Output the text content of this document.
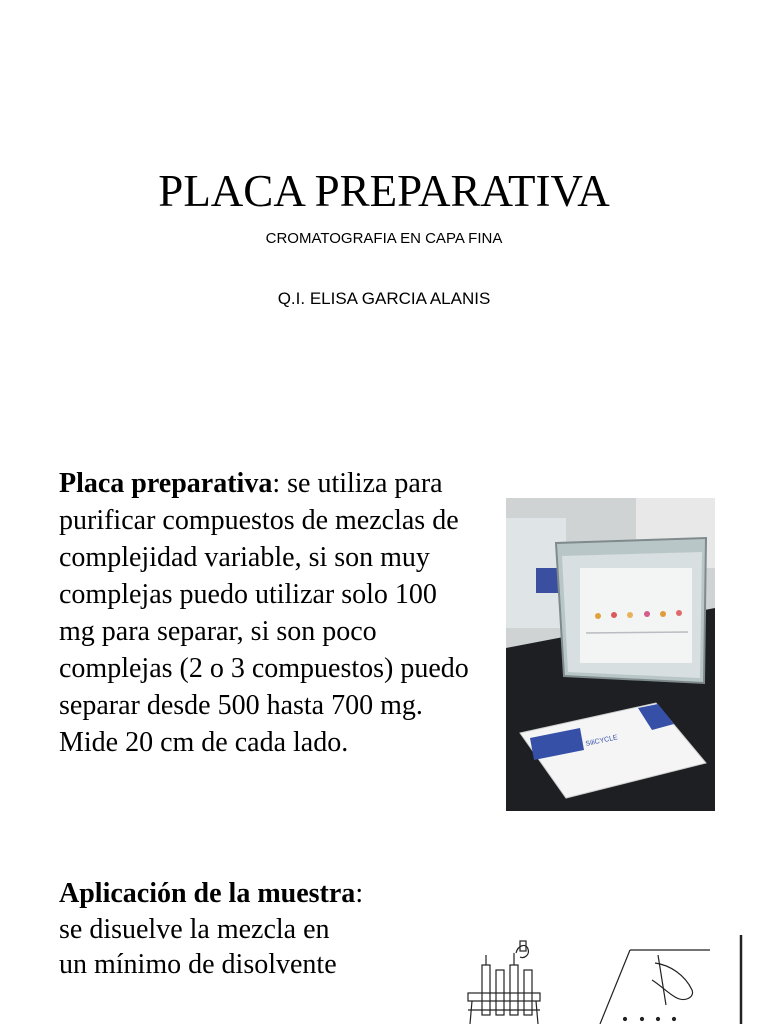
PLACA PREPARATIVA
CROMATOGRAFIA EN CAPA FINA
Q.I. ELISA GARCIA ALANIS

Placa preparativa: se utiliza para purificar compuestos de mezclas de complejidad variable, si son muy complejas puedo utilizar solo 100 mg para separar, si son poco complejas (2 o 3 compuestos) puedo separar desde 500 hasta 700 mg. Mide 20 cm de cada lado.	SiliCYCLE

Aplicación de la muestra:
se disuelve la mezcla en
un mínimo de disolvente
